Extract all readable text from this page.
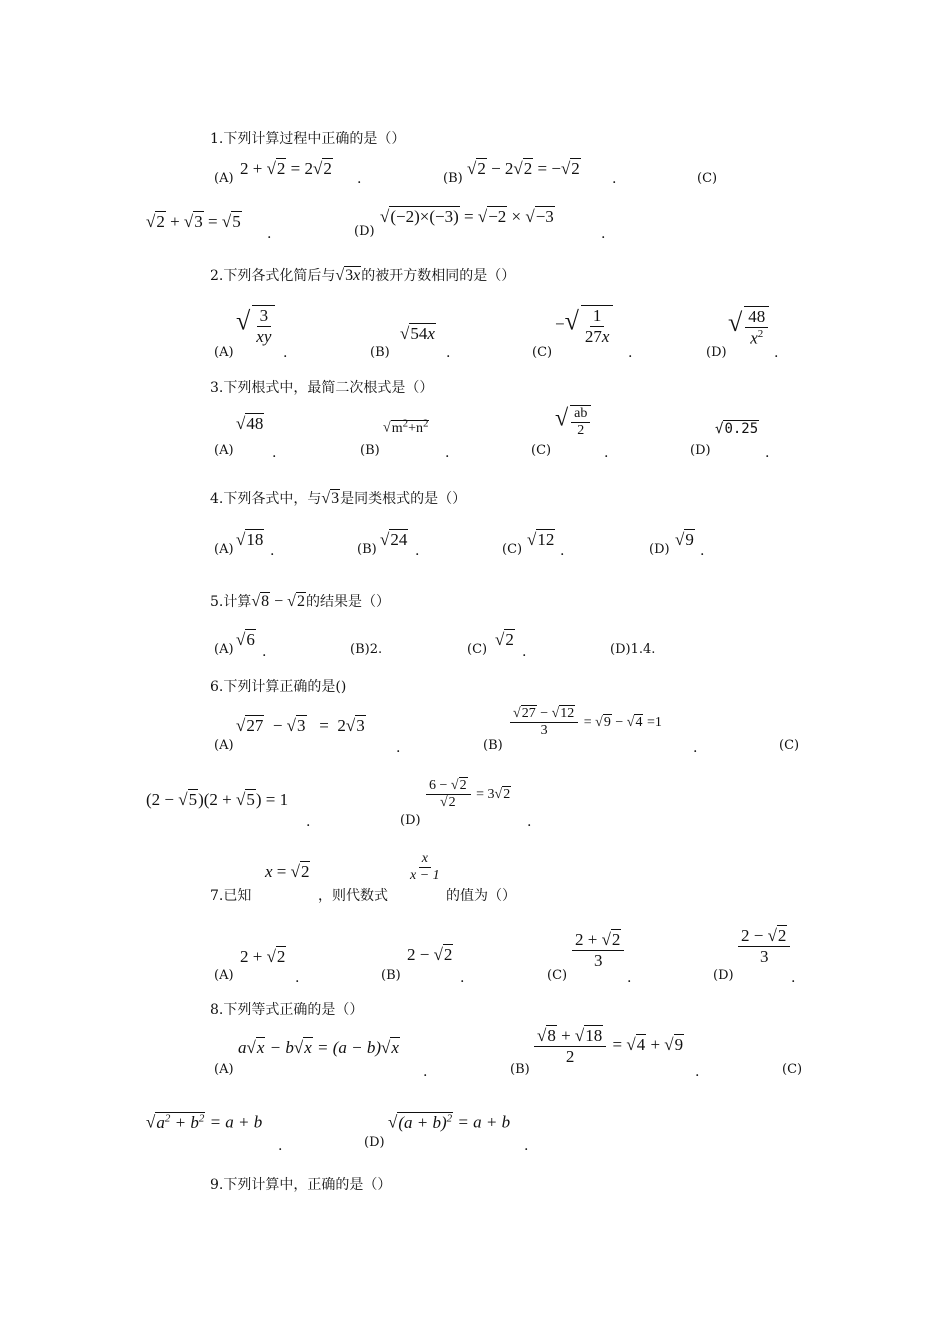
1.下列计算过程中正确的是（）
(A)
2 + √2 = 2√2
.	(B)
√2 − 2√2 = −√2
.	(C)
√2 + √3 = √5
.	(D)
√(−2)×(−3) = √−2 × √−3
.
2.下列各式化简后与√3x的被开方数相同的是（）
(A)
√ $\frac{3}{xy}$
.	(B)
√54x
.	(C)
−√ $\frac{1}{27x}$
.	(D)
√ $\frac{48}{x^2}$
.
3.下列根式中，最简二次根式是（）
(A)
√48
.	(B)
$√m^2+n^2$
.	(C)
√ $\frac{ab}{2}$
.	(D)
√0.25
.
4.下列各式中，与√3是同类根式的是（）
(A)
√18
.	(B)
√24
.	(C)
√12
.	(D)
√9
.
5.计算√8 − √2的结果是（）
(A)
√6
.	(B)2.	(C)
√2
.	(D)1.4.
6.下列计算正确的是()
(A)
√27  − √3   =  2√3
.	(B)
$\frac{√27 - √12}{3} = √9 - √4 =1$
.	(C)
(2 − √5)(2 + √5) = 1
.	(D)
$\frac{6 - √2}{√2} = 3√2$
.
7.已知
x = √2
，则代数式
$\frac{x}{x - 1}$
的值为（）
(A)
2 + √2
.	(B)
2 − √2
.	(C)
$\frac{2 + √2}{3}$
.	(D)
$\frac{2 - √2}{3}$
.
8.下列等式正确的是（）
(A)
a√x − b√x = (a − b)√x
.	(B)
$\frac{√8 + √18}{2} = √4 + √9$
.	(C)
$√a^2 + b^2 = a + b$
.	(D)
$√(a + b)^2 = a + b$
.
9.下列计算中，正确的是（）
